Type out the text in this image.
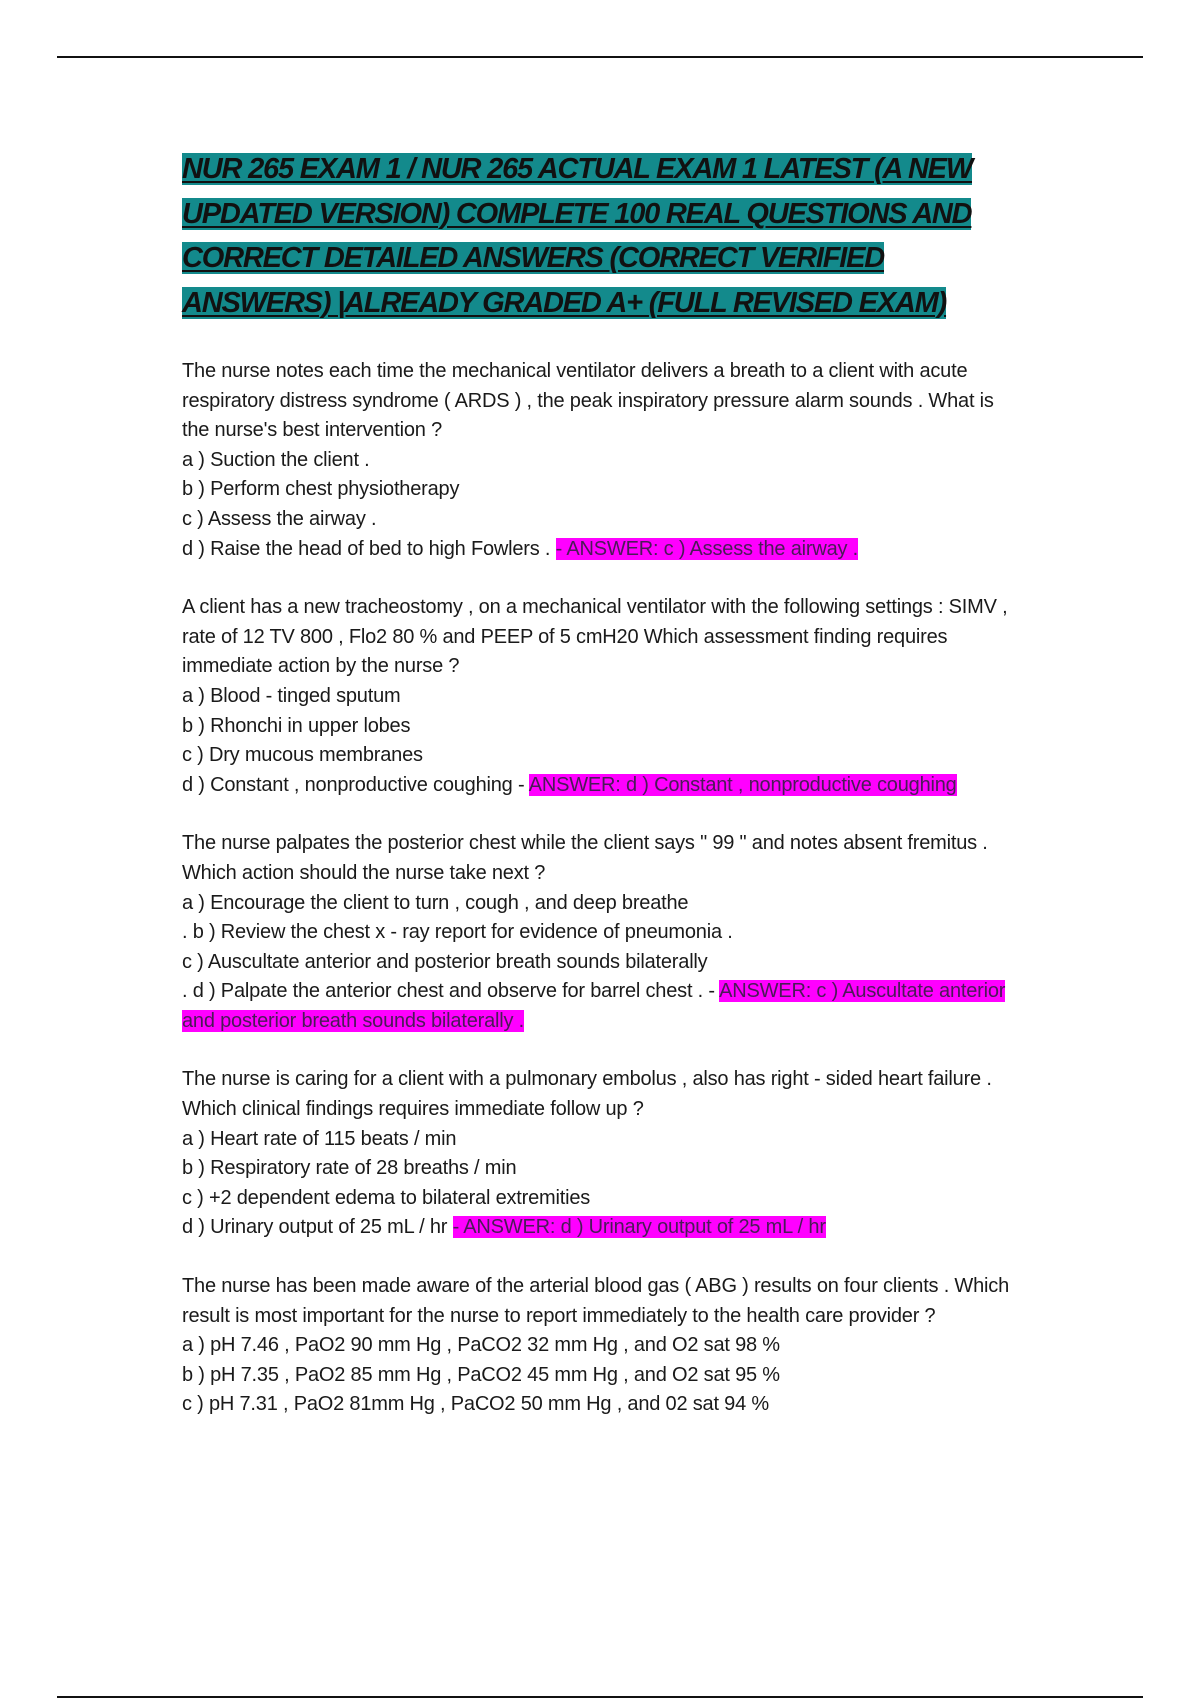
NUR 265 EXAM 1 / NUR 265 ACTUAL EXAM 1 LATEST (A NEW UPDATED VERSION) COMPLETE 100 REAL QUESTIONS AND CORRECT DETAILED ANSWERS (CORRECT VERIFIED ANSWERS) |ALREADY GRADED A+ (FULL REVISED EXAM)

The nurse notes each time the mechanical ventilator delivers a breath to a client with acute respiratory distress syndrome ( ARDS ) , the peak inspiratory pressure alarm sounds . What is the nurse's best intervention ?

a ) Suction the client .

b ) Perform chest physiotherapy

c ) Assess the airway .

d ) Raise the head of bed to high Fowlers . - ANSWER: c ) Assess the airway .

A client has a new tracheostomy , on a mechanical ventilator with the following settings : SIMV , rate of 12 TV 800 , Flo2 80 % and PEEP of 5 cmH20 Which assessment finding requires immediate action by the nurse ?

a ) Blood - tinged sputum

b ) Rhonchi in upper lobes

c ) Dry mucous membranes

d ) Constant , nonproductive coughing - ANSWER: d ) Constant , nonproductive coughing

The nurse palpates the posterior chest while the client says " 99 " and notes absent fremitus . Which action should the nurse take next ?

a ) Encourage the client to turn , cough , and deep breathe

. b ) Review the chest x - ray report for evidence of pneumonia .

c ) Auscultate anterior and posterior breath sounds bilaterally

. d ) Palpate the anterior chest and observe for barrel chest . - ANSWER: c ) Auscultate anterior and posterior breath sounds bilaterally .

The nurse is caring for a client with a pulmonary embolus , also has right - sided heart failure . Which clinical findings requires immediate follow up ?

a ) Heart rate of 115 beats / min

b ) Respiratory rate of 28 breaths / min

c ) +2 dependent edema to bilateral extremities

d ) Urinary output of 25 mL / hr - ANSWER: d ) Urinary output of 25 mL / hr

The nurse has been made aware of the arterial blood gas ( ABG ) results on four clients . Which result is most important for the nurse to report immediately to the health care provider ?

a ) pH 7.46 , PaO2 90 mm Hg , PaCO2 32 mm Hg , and O2 sat 98 %

b ) pH 7.35 , PaO2 85 mm Hg , PaCO2 45 mm Hg , and O2 sat 95 %

c ) pH 7.31 , PaO2 81mm Hg , PaCO2 50 mm Hg , and 02 sat 94 %
